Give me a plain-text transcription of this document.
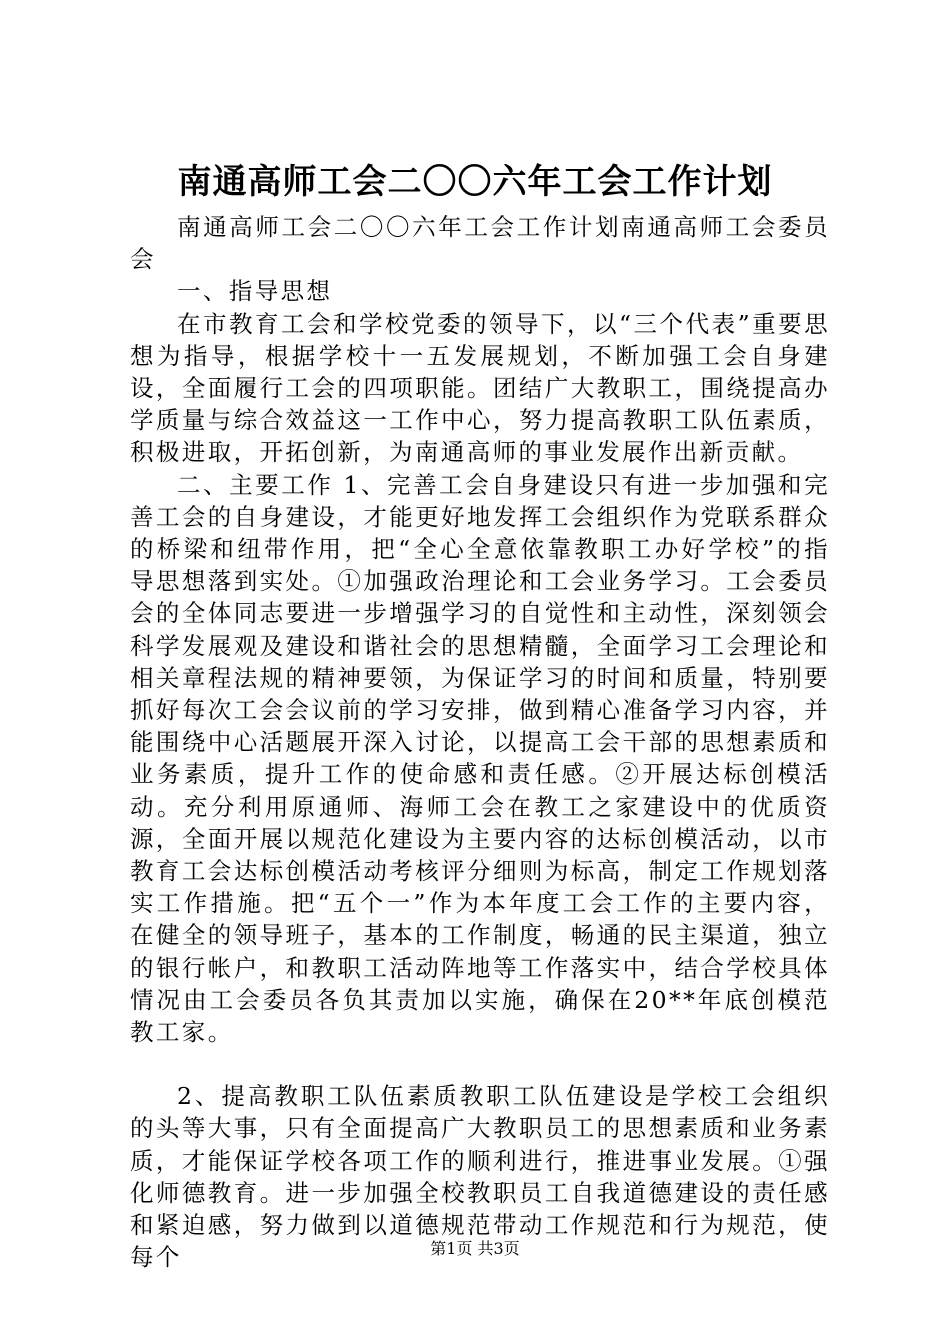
南通高师工会二〇〇六年工会工作计划

南通高师工会二〇〇六年工会工作计划南通高师工会委员会

一、指导思想

在市教育工会和学校党委的领导下，以“三个代表”重要思想为指导，根据学校十一五发展规划，不断加强工会自身建设，全面履行工会的四项职能。团结广大教职工，围绕提高办学质量与综合效益这一工作中心，努力提高教职工队伍素质，积极进取，开拓创新，为南通高师的事业发展作出新贡献。

二、主要工作 1、完善工会自身建设只有进一步加强和完善工会的自身建设，才能更好地发挥工会组织作为党联系群众的桥梁和纽带作用，把“全心全意依靠教职工办好学校”的指导思想落到实处。①加强政治理论和工会业务学习。工会委员会的全体同志要进一步增强学习的自觉性和主动性，深刻领会科学发展观及建设和谐社会的思想精髓，全面学习工会理论和相关章程法规的精神要领，为保证学习的时间和质量，特别要抓好每次工会会议前的学习安排，做到精心准备学习内容，并能围绕中心活题展开深入讨论，以提高工会干部的思想素质和业务素质，提升工作的使命感和责任感。②开展达标创模活动。充分利用原通师、海师工会在教工之家建设中的优质资源，全面开展以规范化建设为主要内容的达标创模活动，以市教育工会达标创模活动考核评分细则为标高，制定工作规划落实工作措施。把“五个一”作为本年度工会工作的主要内容，在健全的领导班子，基本的工作制度，畅通的民主渠道，独立的银行帐户，和教职工活动阵地等工作落实中，结合学校具体情况由工会委员各负其责加以实施，确保在20**年底创模范教工家。

2、提高教职工队伍素质教职工队伍建设是学校工会组织的头等大事，只有全面提高广大教职员工的思想素质和业务素质，才能保证学校各项工作的顺利进行，推进事业发展。①强化师德教育。进一步加强全校教职员工自我道德建设的责任感和紧迫感，努力做到以道德规范带动工作规范和行为规范，使每个	第1页 共3页
